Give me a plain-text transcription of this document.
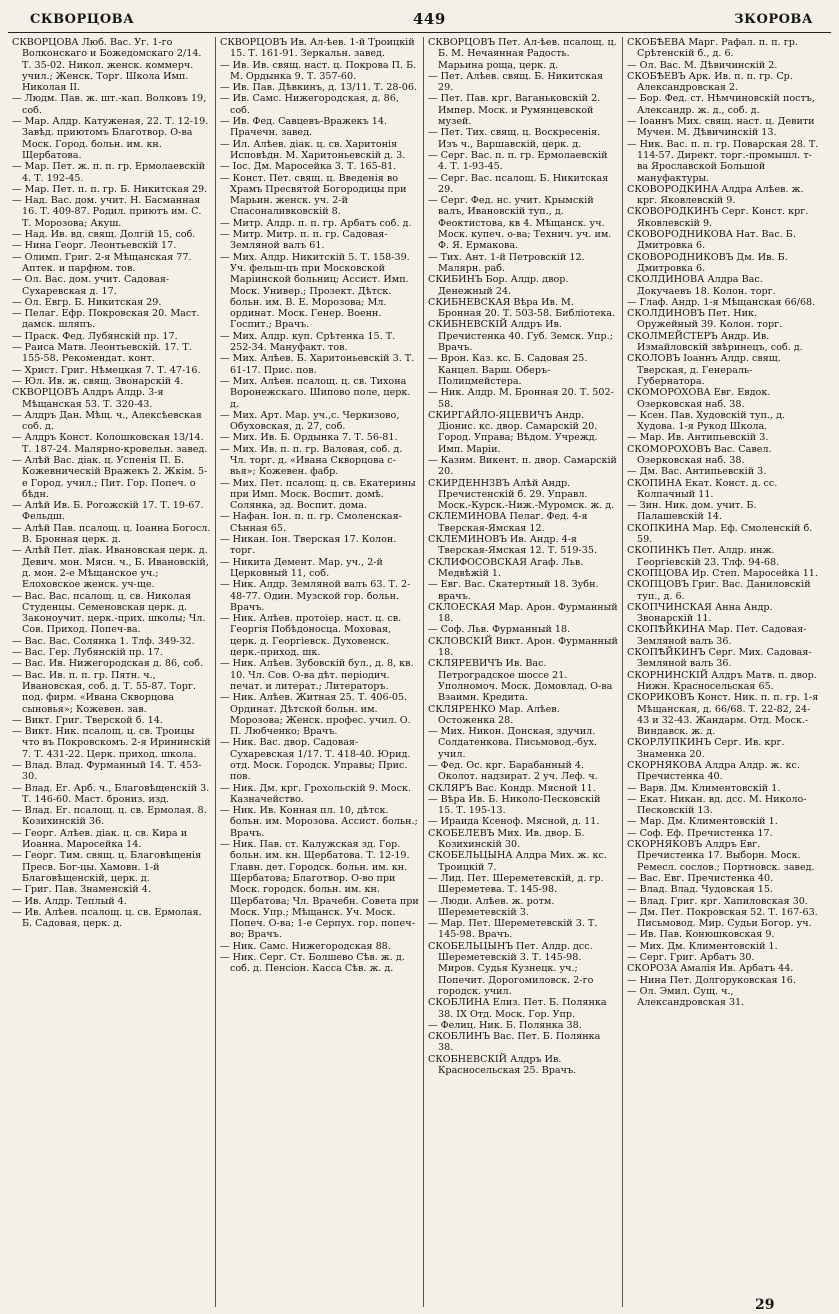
СКВОРЦОВА	449	ЗКОРОВА
СКВОРЦОВА Люб. Вас. Уг. 1-го Волконскаго и Божедомскаго 2/14. Т. 35-02. Никол. женск. коммерч. учил.; Женск. Торг. Школа Имп. Николая II.
— Людм. Пав. ж. шт.-кап. Волковъ 19, соб.
— Мар. Алдр. Катуженая, 22. Т. 12-19. Завѣд. приютомъ Благотвор. О-ва Моск. Город. больн. им. кн. Щербатова.
— Мар. Пет. ж. п. п. гр. Ермолаевскій 4. Т. 192-45.
— Мар. Пет. п. п. гр. Б. Никитская 29.
— Над. Вас. дом. учит. Н. Басманная 16. Т. 409-87. Родил. приютъ им. С. Т. Морозова; Акуш.
— Над. Ив. вд. свящ. Долгій 15, соб.
— Нина Георг. Леонтьевскій 17.
— Олимп. Григ. 2-я Мѣщанская 77. Аптек. и парфюм. тов.
— Ол. Вас. дом. учит. Садовая-Сухаревская д. 17.
— Ол. Евгр. Б. Никитская 29.
— Пелаг. Ефр. Покровская 20. Маст. дамск. шляпъ.
— Праск. Фед. Лубянскій пр. 17.
— Раиса Матв. Леонтьевскій. 17. Т. 155-58. Рекомендат. конт.
— Христ. Григ. Нѣмецкая 7. Т. 47-16.
— Юл. Ив. ж. свящ. Звонарскій 4.
СКВОРЦОВЪ Алдръ Алдр. 3-я Мѣщанская 53. Т. 320-43.
— Алдръ Дан. Мѣщ. ч., Алексѣевская соб. д.
— Алдръ Конст. Колошковская 13/14. Т. 187-24. Малярно-кровельн. завед.
— Алѣй Вас. діак. ц. Успенія П. Б. Кожевническій Вражекъ 2. Жкім. 5-е Город. учил.; Пит. Гор. Попеч. о бѣдн.
— Алѣй Ив. Б. Рогожскій 17. Т. 19-67. Фельдш.
— Алѣй Пав. псалощ. ц. Іоанна Богосл. В. Бронная церк. д.
— Алѣй Пет. діак. Ивановская церк. д. Девич. мон. Мясн. ч., Б. Ивановскій, д. мон. 2-е Мѣщанское уч.; Елоховское женск. уч-ще.
— Вас. Вас. псалощ. ц. св. Николая Студенцы. Семеновская церк. д. Законоучит. церк.-прих. школы; Чл. Сов. Приход. Попеч-ва.
— Вас. Вас. Солянка 1. Тлф. 349-32.
— Вас. Гер. Лубянскій пр. 17.
— Вас. Ив. Нижегородская д. 86, соб.
— Вас. Ив. п. п. гр. Пятн. ч., Ивановская, соб. д. Т. 55-87. Торг. под. фирм. «Ивана Скворцова сыновья»; Кожевен. зав.
— Викт. Григ. Тверской б. 14.
— Викт. Ник. псалощ. ц. св. Троицы что въ Покровскомъ. 2-я Ирининскій 7. Т. 431-22. Церк. приход. школа.
— Влад. Влад. Фурманный 14. Т. 453-30.
— Влад. Ег. Арб. ч., Благовѣщенскій 3. Т. 146-60. Маст. брониз. изд.
— Влад. Ег. псалощ. ц. св. Ермолая. 8. Козихинскій 36.
— Георг. Алѣев. діак. ц. св. Кира и Иоанна. Маросейка 14.
— Георг. Тим. свящ. ц. Благовѣщенія Пресв. Бог-цы. Хамовн. 1-й Благовѣщенскій, церк. д.
— Григ. Пав. Знаменскій 4.
— Ив. Алдр. Теплый 4.
— Ив. Алѣев. псалощ. ц. св. Ермолая. Б. Садовая, церк. д.
СКВОРЦОВЪ Ив. Ал-ѣев. 1-й Троицкій 15. Т. 161-91. Зеркальн. завед.
— Ив. Ив. свящ. наст. ц. Покрова П. Б. М. Ордынка 9. Т. 357-60.
— Ив. Пав. Дѣвкинъ, д. 13/11. Т. 28-06.
— Ив. Самс. Нижегородская, д. 86, соб.
— Ив. Фед. Савцевъ-Вражекъ 14. Прачечн. завед.
— Ил. Алѣев. діак. ц. св. Харитонія Исповѣдн. М. Харитоньевскій д. 3.
— Іос. Дм. Маросейка 3. Т. 165-81.
— Конст. Пет. свящ. ц. Введенія во Храмъ Пресвятой Богородицы при Марьин. женск. уч. 2-й Спасоналивковскій 8.
— Митр. Алдр. п. п. гр. Арбатъ соб. д.
— Митр. Митр. п. п. гр. Садовая-Земляной валъ 61.
— Мих. Алдр. Никитскій 5. Т. 158-39. Уч. фельш-цъ при Московской Маріинской больниц; Ассист. Имп. Моск. Универ.; Прозект. Дѣтск. больн. им. В. Е. Морозова; Мл. ординат. Моск. Генер. Военн. Госпит.; Врачъ.
— Мих. Алдр. куп. Срѣтенка 15. Т. 252-34. Мануфакт. тов.
— Мих. Алѣев. Б. Харитоньевскій 3. Т. 61-17. Прис. пов.
— Мих. Алѣев. псалощ. ц. св. Тихона Воронежскаго. Шипово поле, церк. д.
— Мих. Арт. Мар. уч.,с. Черкизово, Обуховская, д. 27, соб.
— Мих. Ив. Б. Ордынка 7. Т. 56-81.
— Мих. Ив. п. п. гр. Валовая, соб. д. Чл. торг. д. «Ивана Скворцова с-вья»; Кожевен. фабр.
— Мих. Пет. псалощ. ц. св. Екатерины при Имп. Моск. Воспит. домѣ. Солянка, зд. Воспит. дома.
— Нафан. Іон. п. п. гр. Смоленская-Сѣнная 65.
— Никан. Іон. Тверская 17. Колон. торг.
— Никита Демент. Мар. уч., 2-й Церковный 11, соб.
— Ник. Алдр. Земляной валъ 63. Т. 2-48-77. Один. Музской гор. больн. Врачъ.
— Ник. Алѣев. протоіер. наст. ц. св. Георгія Побѣдоносца. Моховая, церк. д. Георгіевск. Духовенск. церк.-приход. шк.
— Ник. Алѣев. Зубовскій бул., д. 8, кв. 10. Чл. Сов. О-ва дѣт. періодич. печат. и литерат.; Литераторъ.
— Ник. Алѣев. Житная 25. Т. 406-05. Ординат. Дѣтской больн. им. Морозова; Женск. профес. учил. О. П. Любченко; Врачъ.
— Ник. Вас. двор. Садовая-Сухаревская 1/17. Т. 418-40. Юрид. отд. Моск. Городск. Управы; Прис. пов.
— Ник. Дм. крг. Грохольскій 9. Моск. Казначейство.
— Ник. Ив. Конная пл. 10, дѣтск. больн. им. Морозова. Ассист. больн.; Врачъ.
— Ник. Пав. ст. Калужская зд. Гор. больн. им. кн. Щербатова. Т. 12-19. Главн. дет. Городск. больн. им. кн. Щербатова; Благотвор. О-во при Моск. городск. больн. им. кн. Щербатова; Чл. Врачебн. Совета при Моск. Упр.; Мѣщанск. Уч. Моск. Попеч. О-ва; 1-е Серпух. гор. попеч-во; Врачъ.
— Ник. Самс. Нижегородская 88.
— Ник. Серг. Ст. Болшево Сѣв. ж. д. соб. д. Пенсіон. Касса Сѣв. ж. д.
СКВОРЦОВЪ Пет. Ал-ѣев. псалощ. ц. Б. М. Нечаянная Радость. Марьина роща, церк. д.
— Пет. Алѣев. свящ. Б. Никитская 29.
— Пет. Пав. крг. Ваганьковскій 2. Импер. Моск. и Румянцевской музей.
— Пет. Тих. свящ. ц. Воскресенія. Изъ ч., Варшавскій, церк. д.
— Серг. Вас. п. п. гр. Ермолаевскій 4. Т. 1-93-45.
— Серг. Вас. псалощ. Б. Никитская 29.
— Серг. Фед. нс. учит. Крымскій валъ, Ивановскій туп., д. Феоктистова, кв 4. Мѣщанск. уч. Моск. купеч. о-ва; Технич. уч. им. Ф. Я. Ермакова.
— Тих. Ант. 1-й Петровскій 12. Малярн. раб.
СКИБИНЪ Бор. Алдр. двор. Денежный 24.
СКИБНЕВСКАЯ Вѣра Ив. М. Бронная 20. Т. 503-58. Библіотека.
СКИБНЕВСКІЙ Алдръ Ив. Пречистенка 40. Губ. Земск. Упр.; Врачъ.
— Врон. Каз. кс. Б. Садовая 25. Канцел. Варш. Оберъ-Полицмейстера.
— Ник. Алдр. М. Бронная 20. Т. 502-58.
СКИРГАЙЛО-ЯЦЕВИЧЪ Андр. Діонис. кс. двор. Самарскій 20. Город. Управа; Вѣдом. Учрежд. Имп. Маріи.
— Казим. Викент. п. двор. Самарскій 20.
СКИРДЕННЗВЪ Алѣй Андр. Пречистенскій б. 29. Управл. Моск.-Курск.-Ниж.-Муромск. ж. д.
СКЛЕМИНОВА Пелаг. Фед. 4-я Тверская-Ямская 12.
СКЛЕМИНОВЪ Ив. Андр. 4-я Тверская-Ямская 12. Т. 519-35.
СКЛИФОСОВСКАЯ Агаф. Льв. Медвѣжій 1.
— Евг. Вас. Скатертный 18. Зубн. врачъ.
СКЛОЕСКАЯ Мар. Арон. Фурманный 18.
— Соф. Льв. Фурманный 18.
СКЛОВСКІЙ Викт. Арон. Фурманный 18.
СКЛЯРЕВИЧЪ Ив. Вас. Петроградское шоссе 21. Уполномоч. Моск. Домовлад. О-ва Взаимн. Кредита.
СКЛЯРЕНКО Мар. Алѣев. Остоженка 28.
— Мих. Никон. Донская, здучил. Солдатенкова. Письмовод.-бух. учил.
— Фед. Ос. крг. Барабанный 4. Околот. надзират. 2 уч. Леф. ч.
СКЛЯРЪ Вас. Кондр. Мясной 11.
— Вѣра Ив. Б. Николо-Песковскій 15. Т. 195-13.
— Ираида Ксеноф. Мясной, д. 11.
СКОБЕЛЕВЪ Мих. Ив. двор. Б. Козихинскій 30.
СКОБЕЛЬЦЫНА Алдра Мих. ж. кс. Троицкій 7.
— Лид. Пет. Шереметевскій, д. гр. Шереметева. Т. 145-98.
— Люди. Алѣев. ж. ротм. Шереметевскій 3.
— Мар. Пет. Шереметевскій 3. Т. 145-98. Врачъ.
СКОБЕЛЬЦЫНЪ Пет. Алдр. дсс. Шереметевскій 3. Т. 145-98. Миров. Судья Кузнецк. уч.; Попечит. Дорогомиловск. 2-го городск. учил.
СКОБЛИНА Елиз. Пет. Б. Полянка 38. IX Отд. Моск. Гор. Упр.
— Фелиц. Ник. Б. Полянка 38.
СКОБЛИНЪ Вас. Пет. Б. Полянка 38.
СКОБНЕВСКІЙ Алдръ Ив. Красносельская 25. Врачъ.
СКОБѢЕВА Марг. Рафал. п. п. гр. Срѣтенскій б., д. 6.
— Ол. Вас. М. Дѣвичинскій 2.
СКОБѢЕВЪ Арк. Ив. п. п. гр. Ср. Александровская 2.
— Бор. Фед. ст. Нѣмчиновскій постъ, Александр. ж. д., соб. д.
— Іоаннъ Мих. свящ. наст. ц. Девити Мучен. М. Дѣвичинскій 13.
— Ник. Вас. п. п. гр. Поварская 28. Т. 114-57. Директ. торг.-промышл. т-ва Ярославской Большой мануфактуры.
СКОВОРОДКИНА Алдра Алѣев. ж. крг. Яковлевскій 9.
СКОВОРОДКИНЪ Серг. Конст. крг. Яковлевскій 9.
СКОВОРОДНИКОВА Нат. Вас. Б. Дмитровка 6.
СКОВОРОДНИКОВЪ Дм. Ив. Б. Дмитровка 6.
СКОЛДИНОВА Алдра Вас. Докучаевъ 18. Колон. торг.
— Глаф. Андр. 1-я Мѣщанская 66/68.
СКОЛДИНОВЪ Пет. Ник. Оружейный 39. Колон. торг.
СКОЛМЕЙСТЕРЪ Андр. Ив. Измайловскій звѣринецъ, соб. д.
СКОЛОВЪ Іоаннъ Алдр. свящ. Тверская, д. Генераль-Губернатора.
СКОМОРОХОВА Евг. Евдок. Озерковская наб. 38.
— Ксен. Пав. Худовскій туп., д. Худова. 1-я Рукод Школа.
— Мар. Ив. Антипьевскій 3.
СКОМОРОХОВЪ Вас. Савел. Озерковская наб. 38.
— Дм. Вас. Антипьевскій 3.
СКОПИНА Екат. Конст. д. сс. Колпачный 11.
— Зин. Ник. дом. учит. Б. Палашевскій 14.
СКОПКИНА Мар. Еф. Смоленскій б. 59.
СКОПИНКЪ Пет. Алдр. инж. Георгіевскій 23. Тлф. 94-68.
СКОПЦОВА Ир. Степ. Маросейка 11.
СКОПЦОВЪ Григ. Вас. Даниловскій туп., д. 6.
СКОПЧИНСКАЯ Анна Андр. Звонарскій 11.
СКОПѢЙКИНА Мар. Пет. Садовая-Земляной валъ 36.
СКОПѢЙКИНЪ Серг. Мих. Садовая-Земляной валъ 36.
СКОРНИНСКІЙ Алдръ Матв. п. двор. Нижн. Красносельская 65.
СКОРИКОВЪ Конст. Ник. п. п. гр. 1-я Мѣщанская, д. 66/68. Т. 22-82, 24-43 и 32-43. Жандарм. Отд. Моск.-Виндавск. ж. д.
СКОРЛУПКИНЪ Серг. Ив. крг. Знаменка 20.
СКОРНЯКОВА Алдра Алдр. ж. кс. Пречистенка 40.
— Варв. Дм. Климентовскій 1.
— Екат. Никан. вд. дсс. М. Николо-Песковскій 13.
— Мар. Дм. Климентовскій 1.
— Соф. Еф. Пречистенка 17.
СКОРНЯКОВЪ Алдръ Евг. Пречистенка 17. Выборн. Моск. Ремесл. сослов.; Портновск. завед.
— Вас. Евг. Пречистенка 40.
— Влад. Влад. Чудовская 15.
— Влад. Григ. крг. Хапиловская 30.
— Дм. Пет. Покровская 52. Т. 167-63. Письмовод. Мир. Судьи Богор. уч.
— Ив. Пав. Конюшковская 9.
— Мих. Дм. Климентовскій 1.
— Серг. Григ. Арбатъ 30.
СКОРОЗА Амалія Ив. Арбатъ 44.
— Нина Пет. Долгоруковская 16.
— Ол. Эмил. Сущ. ч., Александровская 31.
29
